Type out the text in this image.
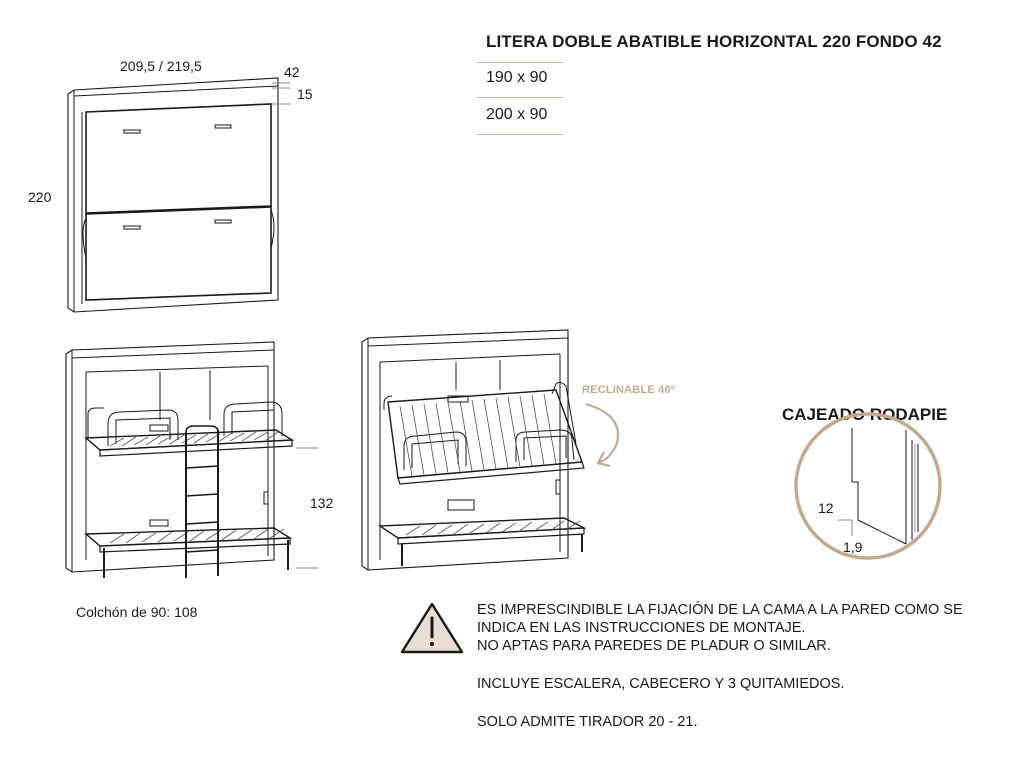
LITERA DOBLE ABATIBLE HORIZONTAL 220 FONDO 42
190 x 90
200 x 90
209,5 / 219,5	42
15
220
132
Colchón de 90: 108
RECLINABLE 40º
CAJEADO RODAPIE
12
1,9

ES IMPRESCINDIBLE LA FIJACIÓN DE LA CAMA A LA PARED COMO SE

INDICA EN LAS INSTRUCCIONES DE MONTAJE.

NO APTAS PARA PAREDES DE PLADUR O SIMILAR.

INCLUYE ESCALERA, CABECERO Y 3 QUITAMIEDOS.

SOLO ADMITE TIRADOR 20 - 21.
